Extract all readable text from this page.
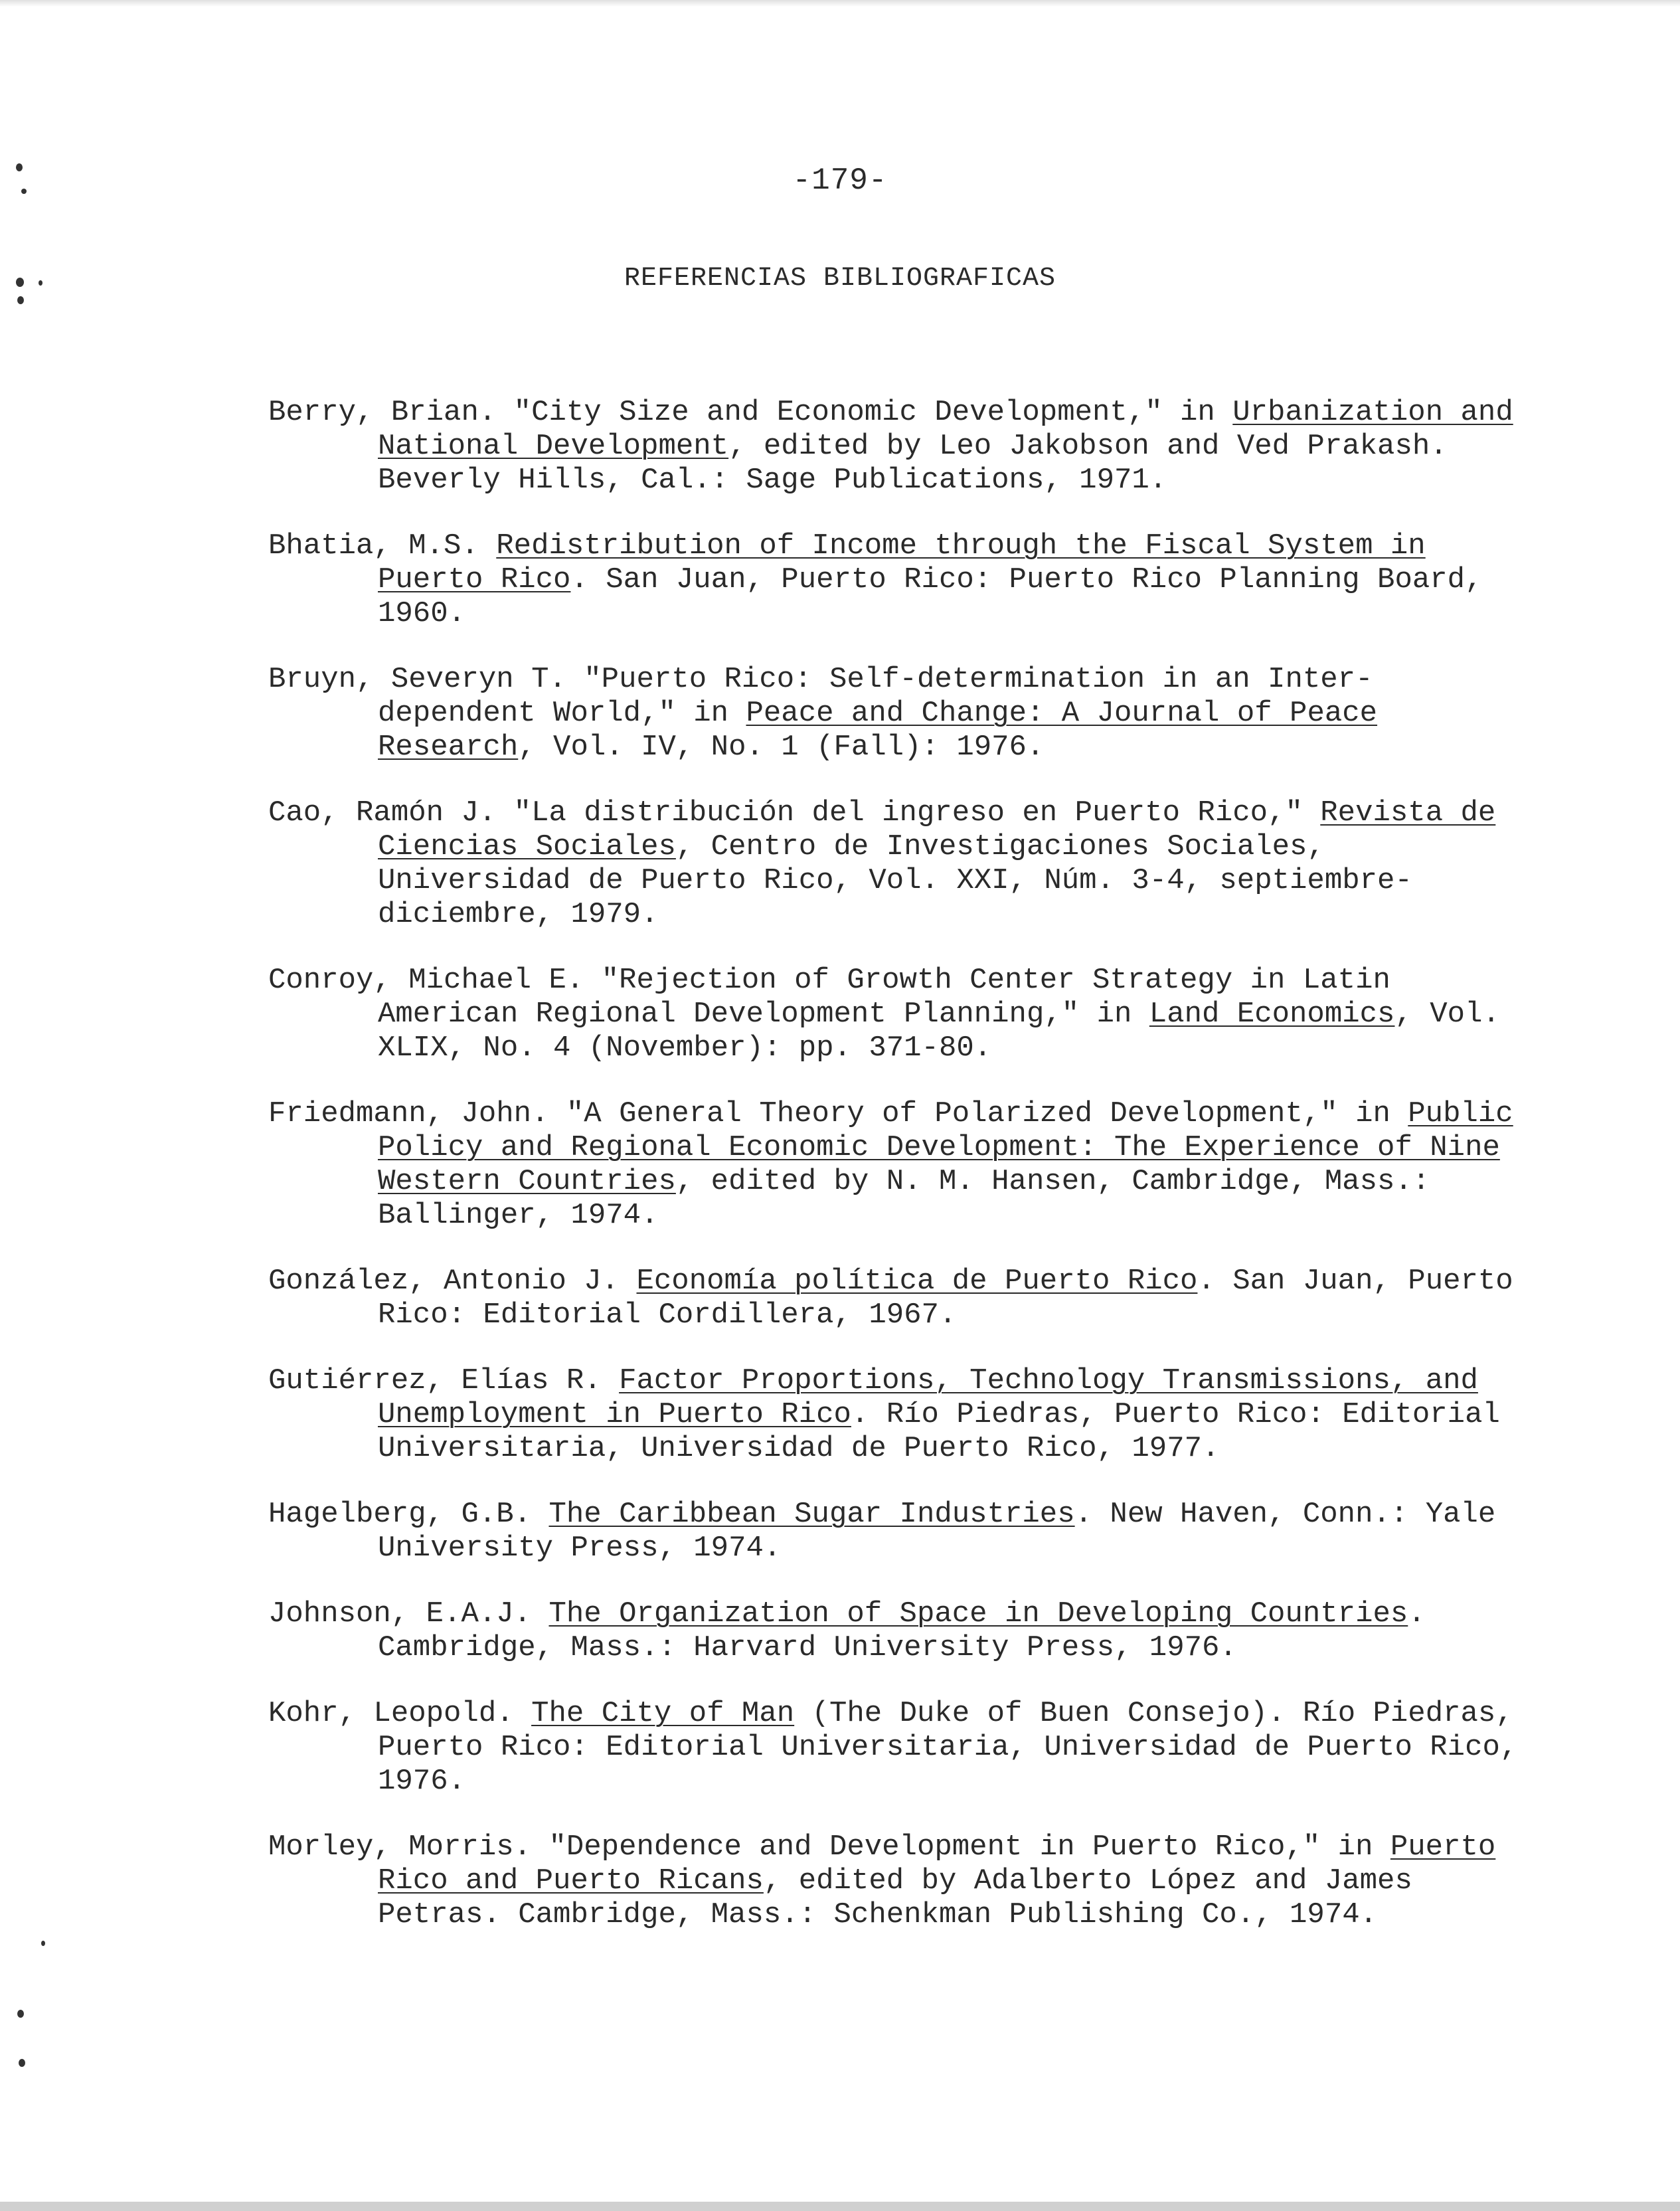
-179-
REFERENCIAS BIBLIOGRAFICAS

Berry, Brian. "City Size and Economic Development," in Urbanization and National Development, edited by Leo Jakobson and Ved Prakash. Beverly Hills, Cal.: Sage Publications, 1971.

Bhatia, M.S. Redistribution of Income through the Fiscal System in Puerto Rico. San Juan, Puerto Rico: Puerto Rico Planning Board, 1960.

Bruyn, Severyn T. "Puerto Rico: Self-determination in an Inter-dependent World," in Peace and Change: A Journal of Peace Research, Vol. IV, No. 1 (Fall): 1976.

Cao, Ramón J. "La distribución del ingreso en Puerto Rico," Revista de Ciencias Sociales, Centro de Investigaciones Sociales, Universidad de Puerto Rico, Vol. XXI, Núm. 3-4, septiembre-diciembre, 1979.

Conroy, Michael E. "Rejection of Growth Center Strategy in Latin American Regional Development Planning," in Land Economics, Vol. XLIX, No. 4 (November): pp. 371-80.

Friedmann, John. "A General Theory of Polarized Development," in Public Policy and Regional Economic Development: The Experience of Nine Western Countries, edited by N. M. Hansen, Cambridge, Mass.: Ballinger, 1974.

González, Antonio J. Economía política de Puerto Rico. San Juan, Puerto Rico: Editorial Cordillera, 1967.

Gutiérrez, Elías R. Factor Proportions, Technology Transmissions, and Unemployment in Puerto Rico. Río Piedras, Puerto Rico: Editorial Universitaria, Universidad de Puerto Rico, 1977.

Hagelberg, G.B. The Caribbean Sugar Industries. New Haven, Conn.: Yale University Press, 1974.

Johnson, E.A.J. The Organization of Space in Developing Countries. Cambridge, Mass.: Harvard University Press, 1976.

Kohr, Leopold. The City of Man (The Duke of Buen Consejo). Río Piedras, Puerto Rico: Editorial Universitaria, Universidad de Puerto Rico, 1976.

Morley, Morris. "Dependence and Development in Puerto Rico," in Puerto Rico and Puerto Ricans, edited by Adalberto López and James Petras. Cambridge, Mass.: Schenkman Publishing Co., 1974.
